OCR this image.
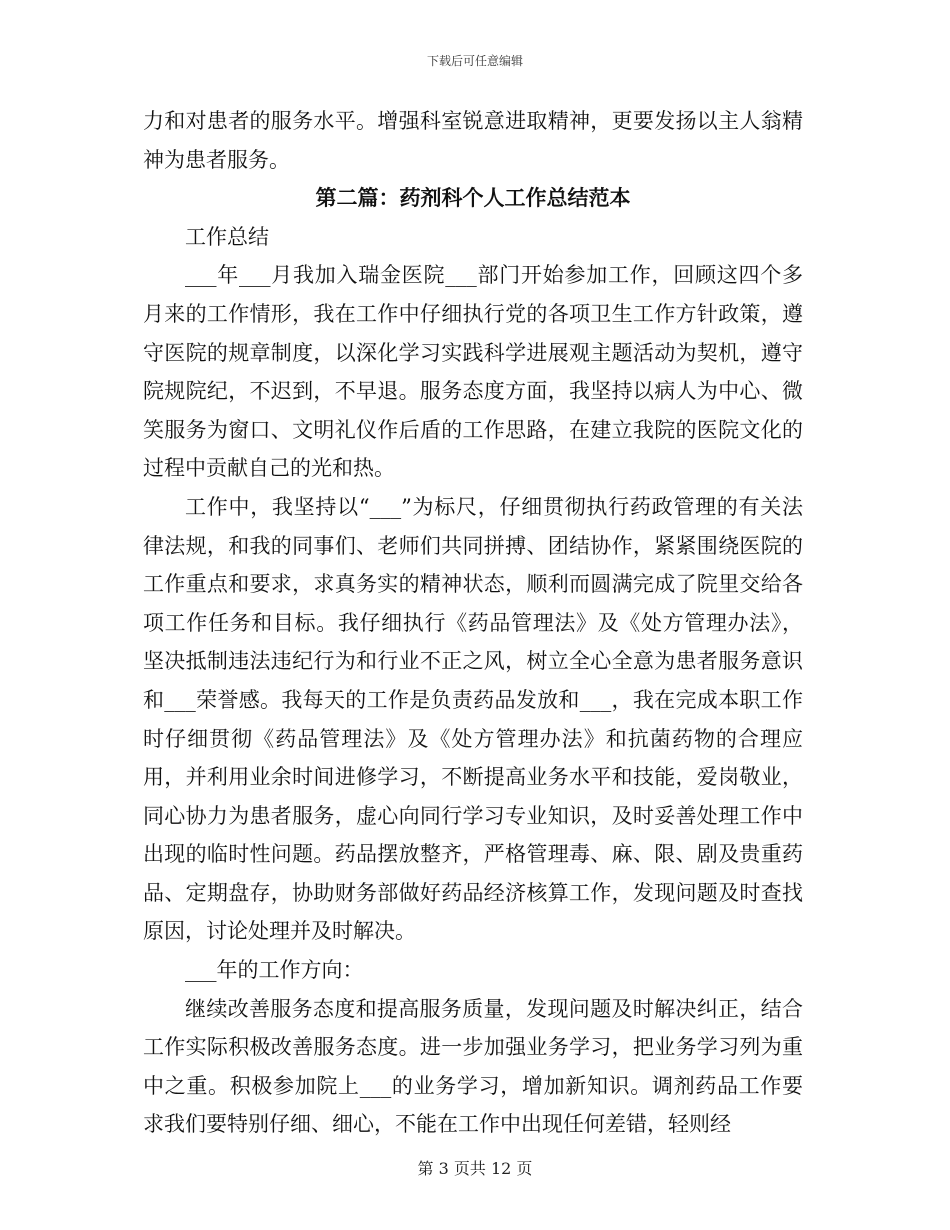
下载后可任意编辑

力和对患者的服务水平。增强科室锐意进取精神，更要发扬以主人翁精神为患者服务。

第二篇：药剂科个人工作总结范本

工作总结

___年___月我加入瑞金医院___部门开始参加工作，回顾这四个多月来的工作情形，我在工作中仔细执行党的各项卫生工作方针政策，遵守医院的规章制度，以深化学习实践科学进展观主题活动为契机，遵守院规院纪，不迟到，不早退。服务态度方面，我坚持以病人为中心、微笑服务为窗口、文明礼仪作后盾的工作思路，在建立我院的医院文化的过程中贡献自己的光和热。

工作中，我坚持以“___”为标尺，仔细贯彻执行药政管理的有关法律法规，和我的同事们、老师们共同拼搏、团结协作，紧紧围绕医院的工作重点和要求，求真务实的精神状态，顺利而圆满完成了院里交给各项工作任务和目标。我仔细执行《药品管理法》及《处方管理办法》，坚决抵制违法违纪行为和行业不正之风，树立全心全意为患者服务意识和___荣誉感。我每天的工作是负责药品发放和___，我在完成本职工作时仔细贯彻《药品管理法》及《处方管理办法》和抗菌药物的合理应用，并利用业余时间进修学习，不断提高业务水平和技能，爱岗敬业，同心协力为患者服务，虚心向同行学习专业知识，及时妥善处理工作中出现的临时性问题。药品摆放整齐，严格管理毒、麻、限、剧及贵重药品、定期盘存，协助财务部做好药品经济核算工作，发现问题及时查找原因，讨论处理并及时解决。

___年的工作方向：

继续改善服务态度和提高服务质量，发现问题及时解决纠正，结合工作实际积极改善服务态度。进一步加强业务学习，把业务学习列为重中之重。积极参加院上___的业务学习，增加新知识。调剂药品工作要求我们要特别仔细、细心，不能在工作中出现任何差错，轻则经

第 3 页共 12 页
